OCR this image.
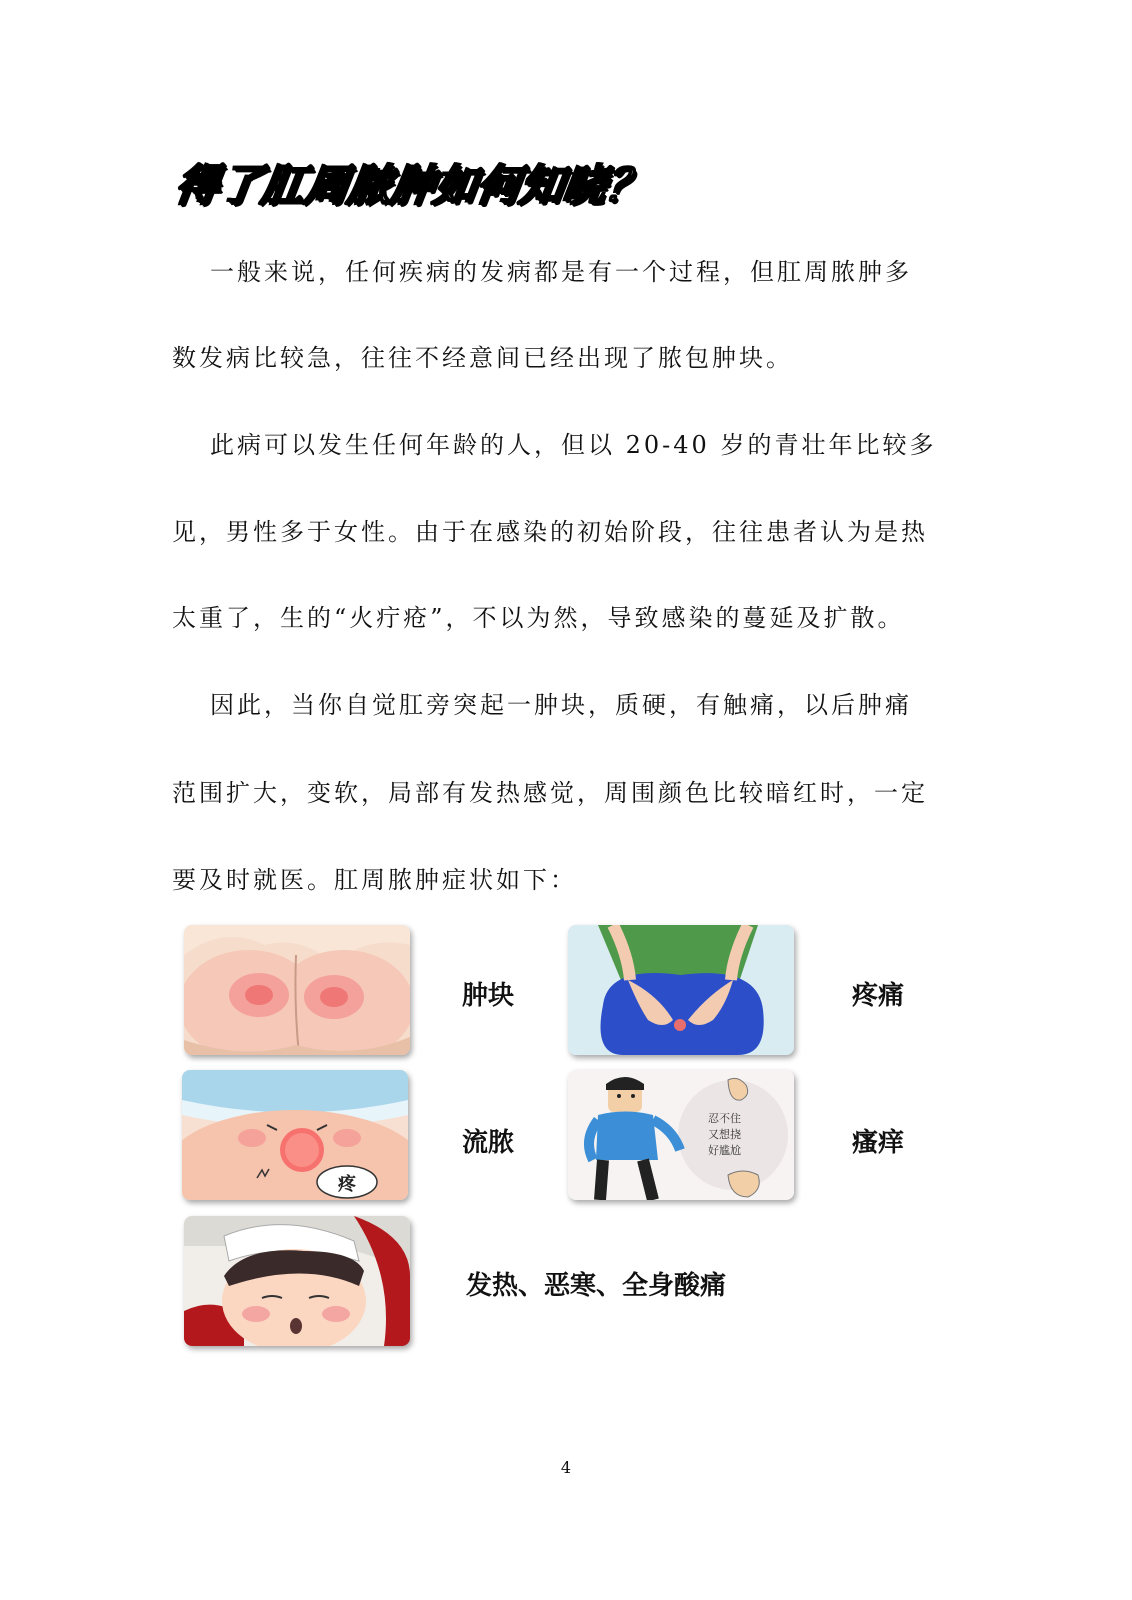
得了肛周脓肿如何知晓？
一般来说，任何疾病的发病都是有一个过程，但肛周脓肿多
数发病比较急，往往不经意间已经出现了脓包肿块。
此病可以发生任何年龄的人，但以 20-40 岁的青壮年比较多
见，男性多于女性。由于在感染的初始阶段，往往患者认为是热
太重了，生的“火疔疮”，不以为然，导致感染的蔓延及扩散。
因此，当你自觉肛旁突起一肿块，质硬，有触痛，以后肿痛
范围扩大，变软，局部有发热感觉，周围颜色比较暗红时，一定
要及时就医。肛周脓肿症状如下：
疼
忍不住
又想挠
好尴尬
肿块	疼痛
流脓	瘙痒
发热、恶寒、全身酸痛
4
